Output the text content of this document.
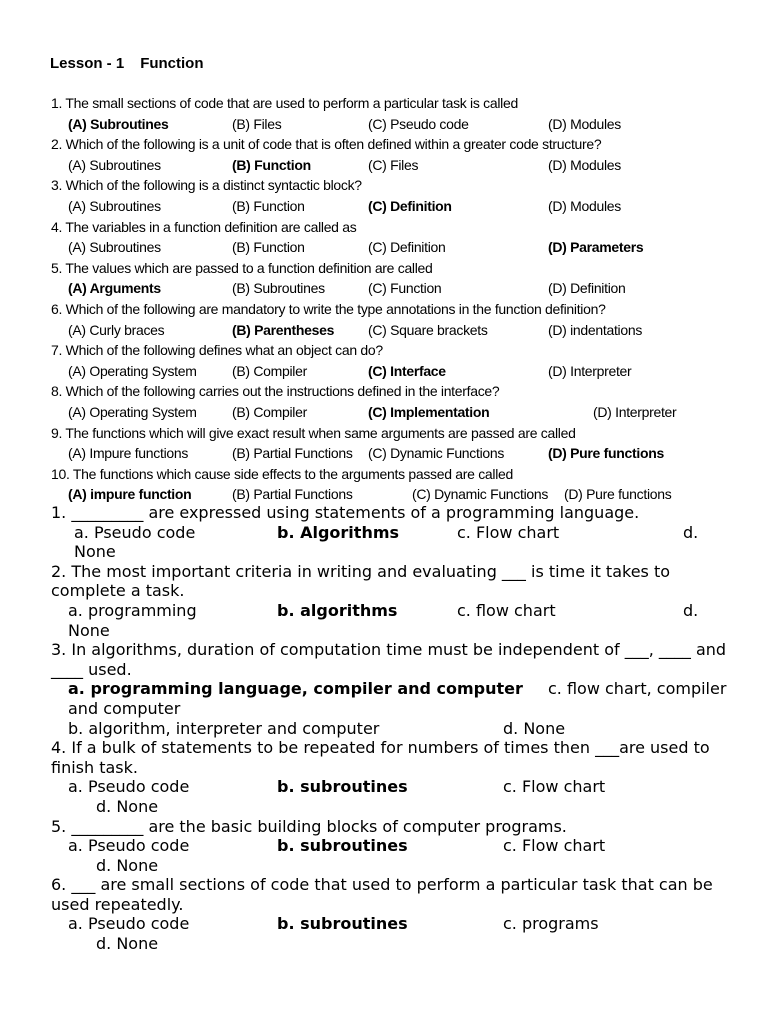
Lesson - 1 Function
1. The small sections of code that are used to perform a particular task is called
(A) Subroutines	(B) Files	(C) Pseudo code	(D) Modules
2. Which of the following is a unit of code that is often defined within a greater code structure?
(A) Subroutines	(B) Function	(C) Files	(D) Modules
3. Which of the following is a distinct syntactic block?
(A) Subroutines	(B) Function	(C) Definition	(D) Modules
4. The variables in a function definition are called as
(A) Subroutines	(B) Function	(C) Definition	(D) Parameters
5. The values which are passed to a function definition are called
(A) Arguments	(B) Subroutines	(C) Function	(D) Definition
6. Which of the following are mandatory to write the type annotations in the function definition?
(A) Curly braces	(B) Parentheses (C) Square brackets	(D) indentations
7. Which of the following defines what an object can do?
(A) Operating System	(B) Compiler	(C) Interface	(D) Interpreter
8. Which of the following carries out the instructions defined in the interface?
(A) Operating System	(B) Compiler	(C) Implementation	(D) Interpreter
9. The functions which will give exact result when same arguments are passed are called
(A) Impure functions	(B) Partial Functions (C) Dynamic Functions	(D) Pure functions
10. The functions which cause side effects to the arguments passed are called
(A) impure function	(B) Partial Functions	(C) Dynamic Functions (D) Pure functions
1. _________ are expressed using statements of a programming language.
a. Pseudo code	b. Algorithms	c. Flow chart	d.
None
2. The most important criteria in writing and evaluating ___ is time it takes to
complete a task.
a. programming	b. algorithms	c. flow chart	d.
None
3. In algorithms, duration of computation time must be independent of ___, ____ and
____ used.
a. programming language, compiler and computer c. flow chart, compiler
and computer
b. algorithm, interpreter and computer	d. None
4. If a bulk of statements to be repeated for numbers of times then ___are used to
finish task.
a. Pseudo code	b. subroutines	c. Flow chart
d. None
5. _________ are the basic building blocks of computer programs.
a. Pseudo code	b. subroutines	c. Flow chart
d. None
6. ___ are small sections of code that used to perform a particular task that can be
used repeatedly.
a. Pseudo code	b. subroutines	c. programs
d. None
